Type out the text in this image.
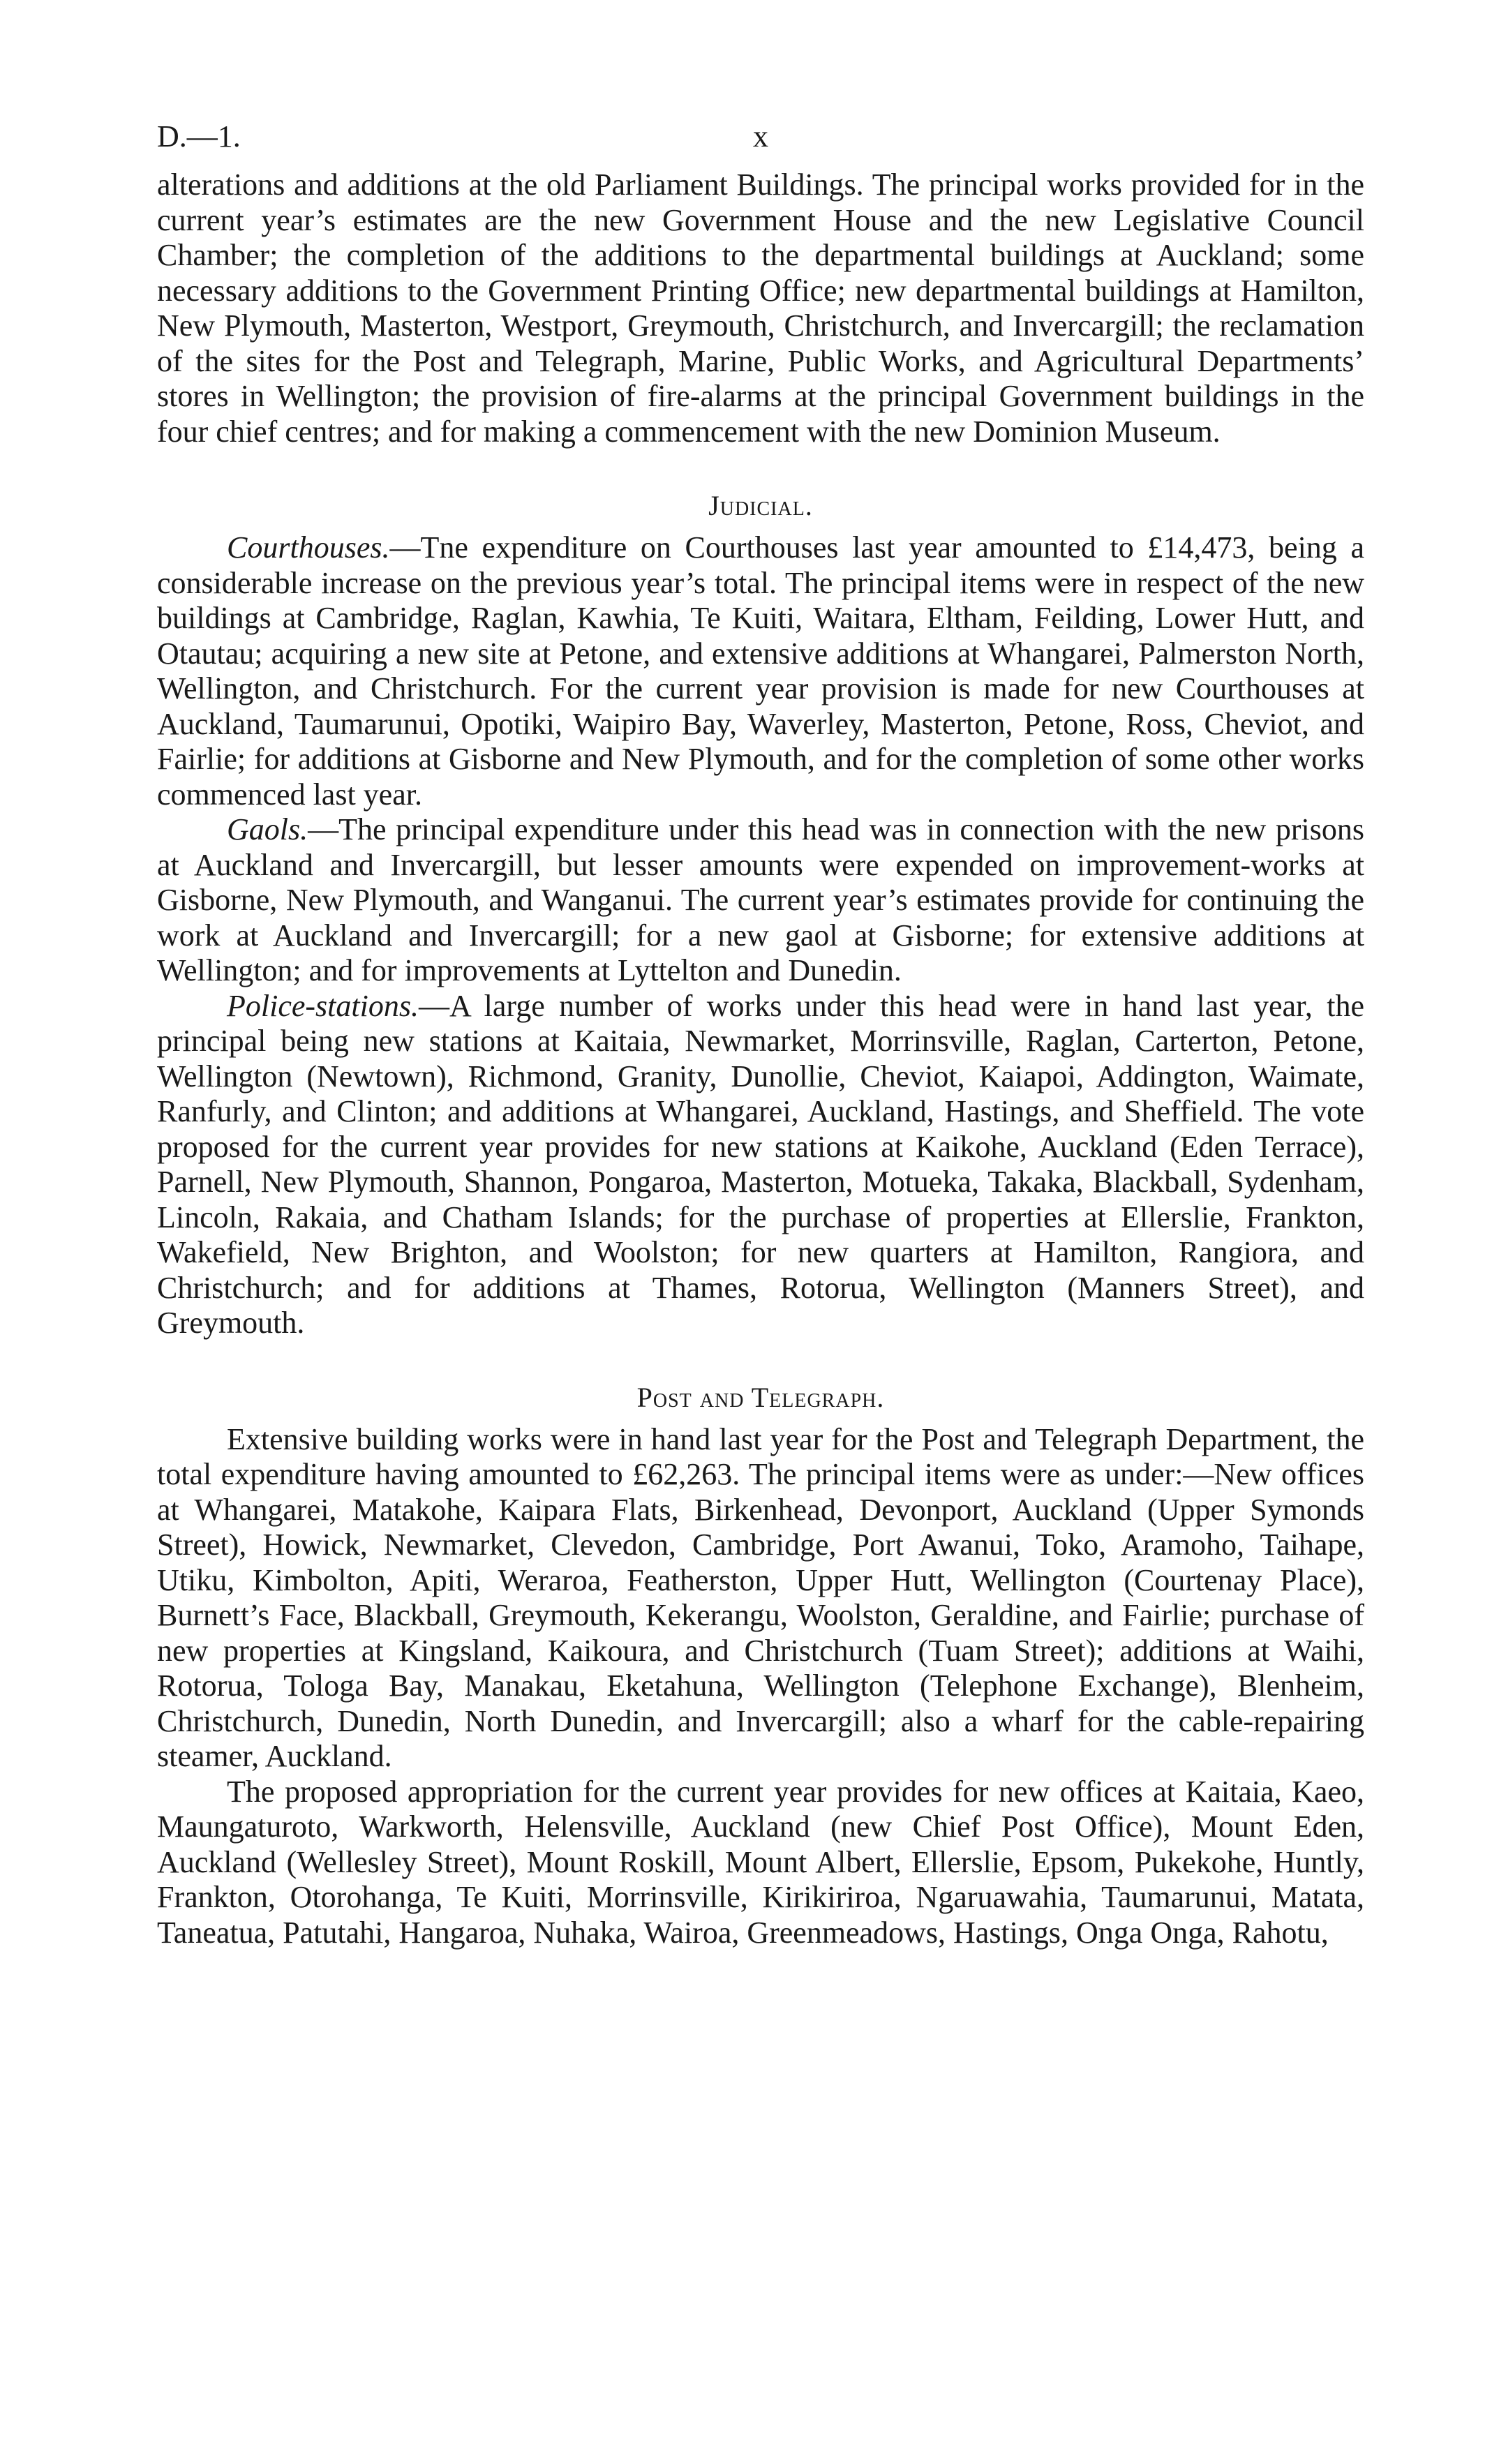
D.—1.	x

alterations and additions at the old Parliament Buildings. The principal works provided for in the current year’s estimates are the new Government House and the new Legislative Council Chamber; the completion of the additions to the departmental buildings at Auckland; some necessary additions to the Government Printing Office; new departmental buildings at Hamilton, New Plymouth, Masterton, Westport, Greymouth, Christchurch, and Invercargill; the reclamation of the sites for the Post and Telegraph, Marine, Public Works, and Agricultural Departments’ stores in Wellington; the provision of fire-alarms at the principal Government buildings in the four chief centres; and for making a commencement with the new Dominion Museum.

Judicial.

Courthouses.—Tne expenditure on Courthouses last year amounted to £14,473, being a considerable increase on the previous year’s total. The principal items were in respect of the new buildings at Cambridge, Raglan, Kawhia, Te Kuiti, Waitara, Eltham, Feilding, Lower Hutt, and Otautau; acquiring a new site at Petone, and extensive additions at Whangarei, Palmerston North, Wellington, and Christchurch. For the current year provision is made for new Courthouses at Auckland, Taumarunui, Opotiki, Waipiro Bay, Waverley, Masterton, Petone, Ross, Cheviot, and Fairlie; for additions at Gisborne and New Plymouth, and for the completion of some other works commenced last year.

Gaols.—The principal expenditure under this head was in connection with the new prisons at Auckland and Invercargill, but lesser amounts were expended on improvement-works at Gisborne, New Plymouth, and Wanganui. The current year’s estimates provide for continuing the work at Auckland and Invercargill; for a new gaol at Gisborne; for extensive additions at Wellington; and for improvements at Lyttelton and Dunedin.

Police-stations.—A large number of works under this head were in hand last year, the principal being new stations at Kaitaia, Newmarket, Morrinsville, Raglan, Carterton, Petone, Wellington (Newtown), Richmond, Granity, Dunollie, Cheviot, Kaiapoi, Addington, Waimate, Ranfurly, and Clinton; and additions at Whangarei, Auckland, Hastings, and Sheffield. The vote proposed for the current year provides for new stations at Kaikohe, Auckland (Eden Terrace), Parnell, New Plymouth, Shannon, Pongaroa, Masterton, Motueka, Takaka, Blackball, Sydenham, Lincoln, Rakaia, and Chatham Islands; for the purchase of properties at Ellerslie, Frankton, Wakefield, New Brighton, and Woolston; for new quarters at Hamilton, Rangiora, and Christchurch; and for additions at Thames, Rotorua, Wellington (Manners Street), and Greymouth.

Post and Telegraph.

Extensive building works were in hand last year for the Post and Telegraph Department, the total expenditure having amounted to £62,263. The principal items were as under:—New offices at Whangarei, Matakohe, Kaipara Flats, Birkenhead, Devonport, Auckland (Upper Symonds Street), Howick, Newmarket, Clevedon, Cambridge, Port Awanui, Toko, Aramoho, Taihape, Utiku, Kimbolton, Apiti, Weraroa, Featherston, Upper Hutt, Wellington (Courtenay Place), Burnett’s Face, Blackball, Greymouth, Kekerangu, Woolston, Geraldine, and Fairlie; purchase of new properties at Kingsland, Kaikoura, and Christchurch (Tuam Street); additions at Waihi, Rotorua, Tologa Bay, Manakau, Eketahuna, Wellington (Telephone Exchange), Blenheim, Christchurch, Dunedin, North Dunedin, and Invercargill; also a wharf for the cable-repairing steamer, Auckland.

The proposed appropriation for the current year provides for new offices at Kaitaia, Kaeo, Maungaturoto, Warkworth, Helensville, Auckland (new Chief Post Office), Mount Eden, Auckland (Wellesley Street), Mount Roskill, Mount Albert, Ellerslie, Epsom, Pukekohe, Huntly, Frankton, Otorohanga, Te Kuiti, Morrinsville, Kirikiriroa, Ngaruawahia, Taumarunui, Matata, Taneatua, Patutahi, Hangaroa, Nuhaka, Wairoa, Greenmeadows, Hastings, Onga Onga, Rahotu,
